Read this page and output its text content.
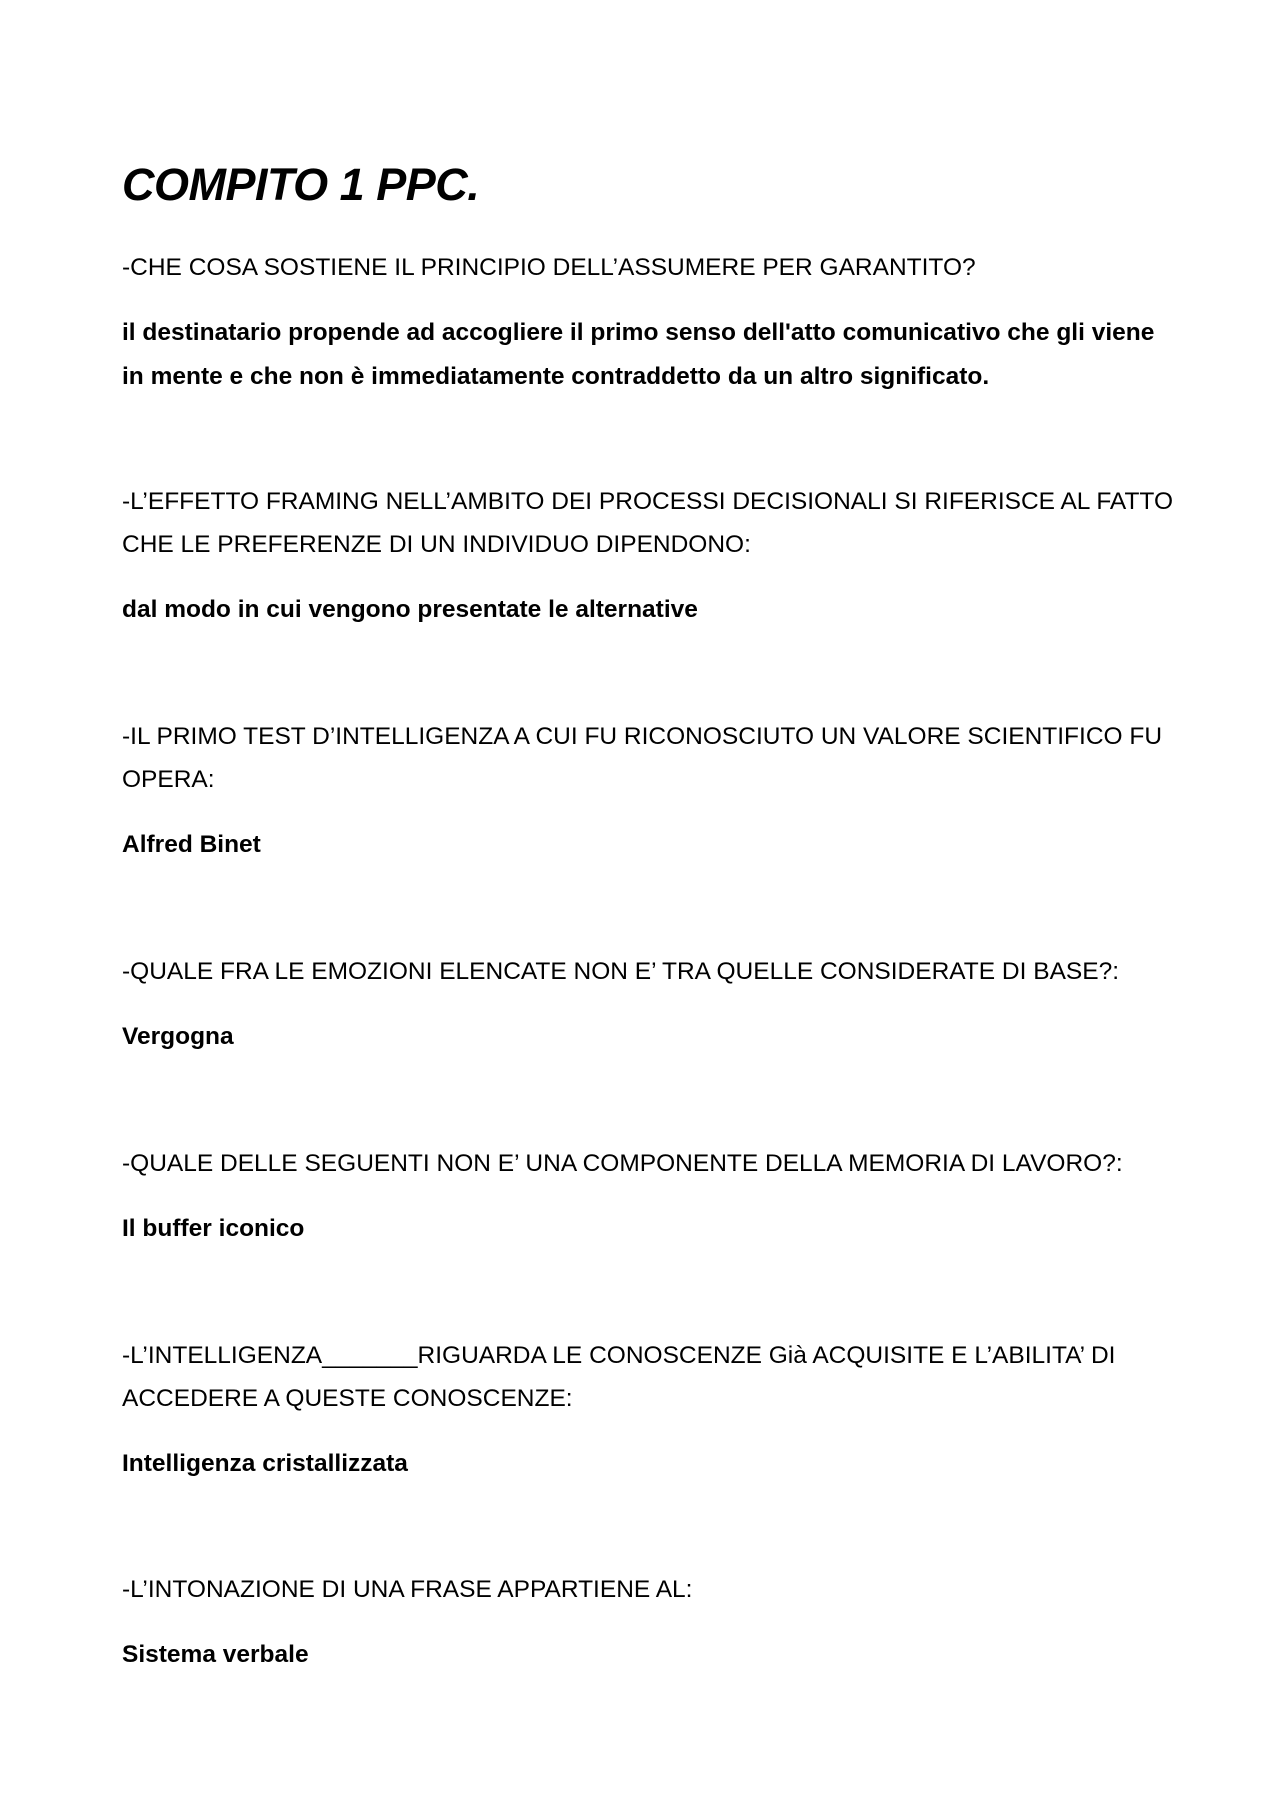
COMPITO 1 PPC.

-CHE COSA SOSTIENE IL PRINCIPIO DELL’ASSUMERE PER GARANTITO?

il destinatario propende ad accogliere il primo senso dell'atto comunicativo che gli viene in mente e che non è immediatamente contraddetto da un altro significato.

-L’EFFETTO FRAMING NELL’AMBITO DEI PROCESSI DECISIONALI SI RIFERISCE AL FATTO CHE LE PREFERENZE DI UN INDIVIDUO DIPENDONO:

dal modo in cui vengono presentate le alternative

-IL PRIMO TEST D’INTELLIGENZA A CUI FU RICONOSCIUTO UN VALORE SCIENTIFICO FU OPERA:

Alfred Binet

-QUALE FRA LE EMOZIONI ELENCATE NON E’ TRA QUELLE CONSIDERATE DI BASE?:

Vergogna

-QUALE DELLE SEGUENTI NON E’ UNA COMPONENTE DELLA MEMORIA DI LAVORO?:

Il buffer iconico

-L’INTELLIGENZA_______RIGUARDA LE CONOSCENZE Già ACQUISITE E L’ABILITA’ DI ACCEDERE A QUESTE CONOSCENZE:

Intelligenza cristallizzata

-L’INTONAZIONE DI UNA FRASE APPARTIENE AL:

Sistema verbale
